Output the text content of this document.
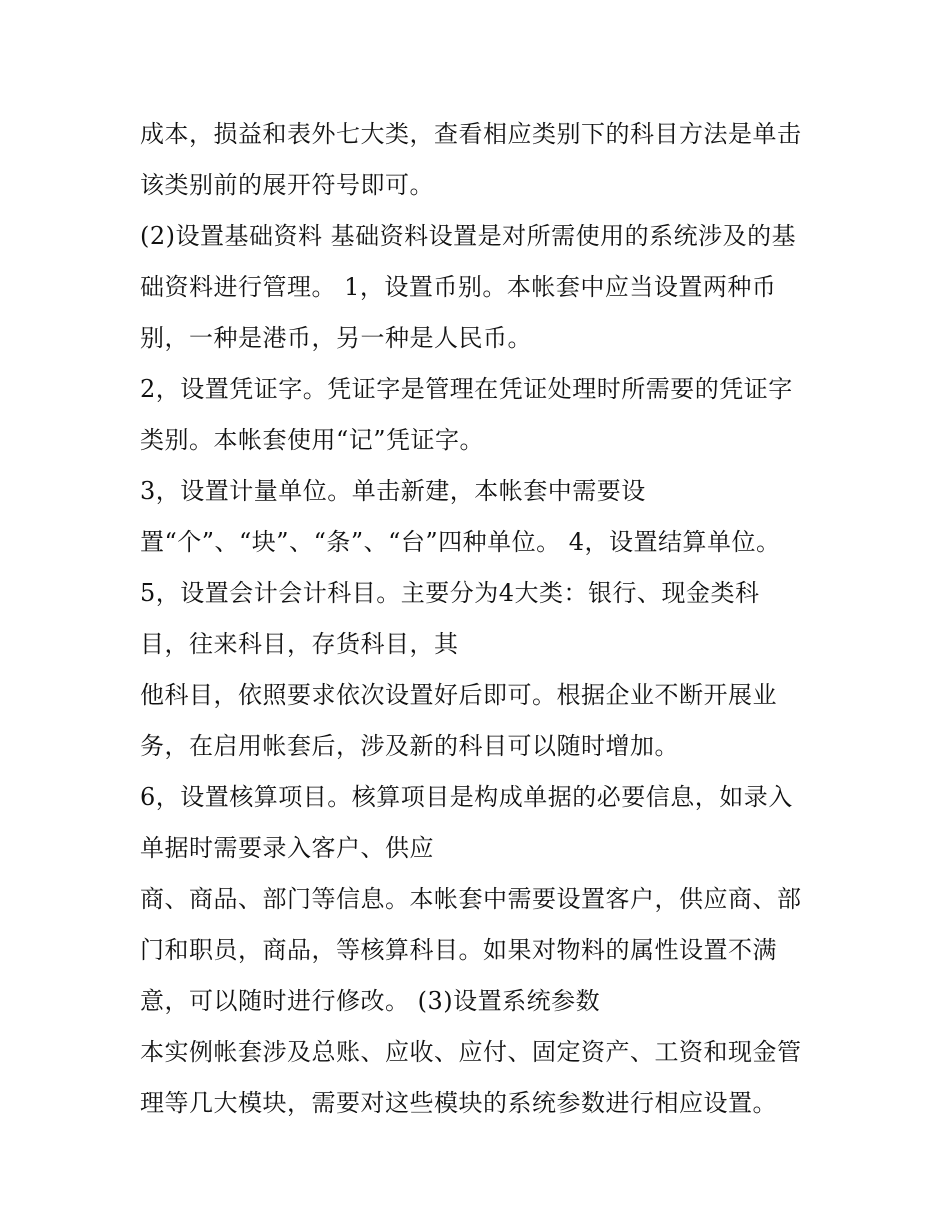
成本，损益和表外七大类，查看相应类别下的科目方法是单击
该类别前的展开符号即可。
(2)设置基础资料 基础资料设置是对所需使用的系统涉及的基
础资料进行管理。 1，设置币别。本帐套中应当设置两种币
别，一种是港币，另一种是人民币。
2，设置凭证字。凭证字是管理在凭证处理时所需要的凭证字
类别。本帐套使用“记”凭证字。
3，设置计量单位。单击新建，本帐套中需要设
置“个”、“块”、“条”、“台”四种单位。 4，设置结算单位。
5，设置会计会计科目。主要分为4大类：银行、现金类科
目，往来科目，存货科目，其
他科目，依照要求依次设置好后即可。根据企业不断开展业
务，在启用帐套后，涉及新的科目可以随时增加。
6，设置核算项目。核算项目是构成单据的必要信息，如录入
单据时需要录入客户、供应
商、商品、部门等信息。本帐套中需要设置客户，供应商、部
门和职员，商品，等核算科目。如果对物料的属性设置不满
意，可以随时进行修改。 (3)设置系统参数
本实例帐套涉及总账、应收、应付、固定资产、工资和现金管
理等几大模块，需要对这些模块的系统参数进行相应设置。
